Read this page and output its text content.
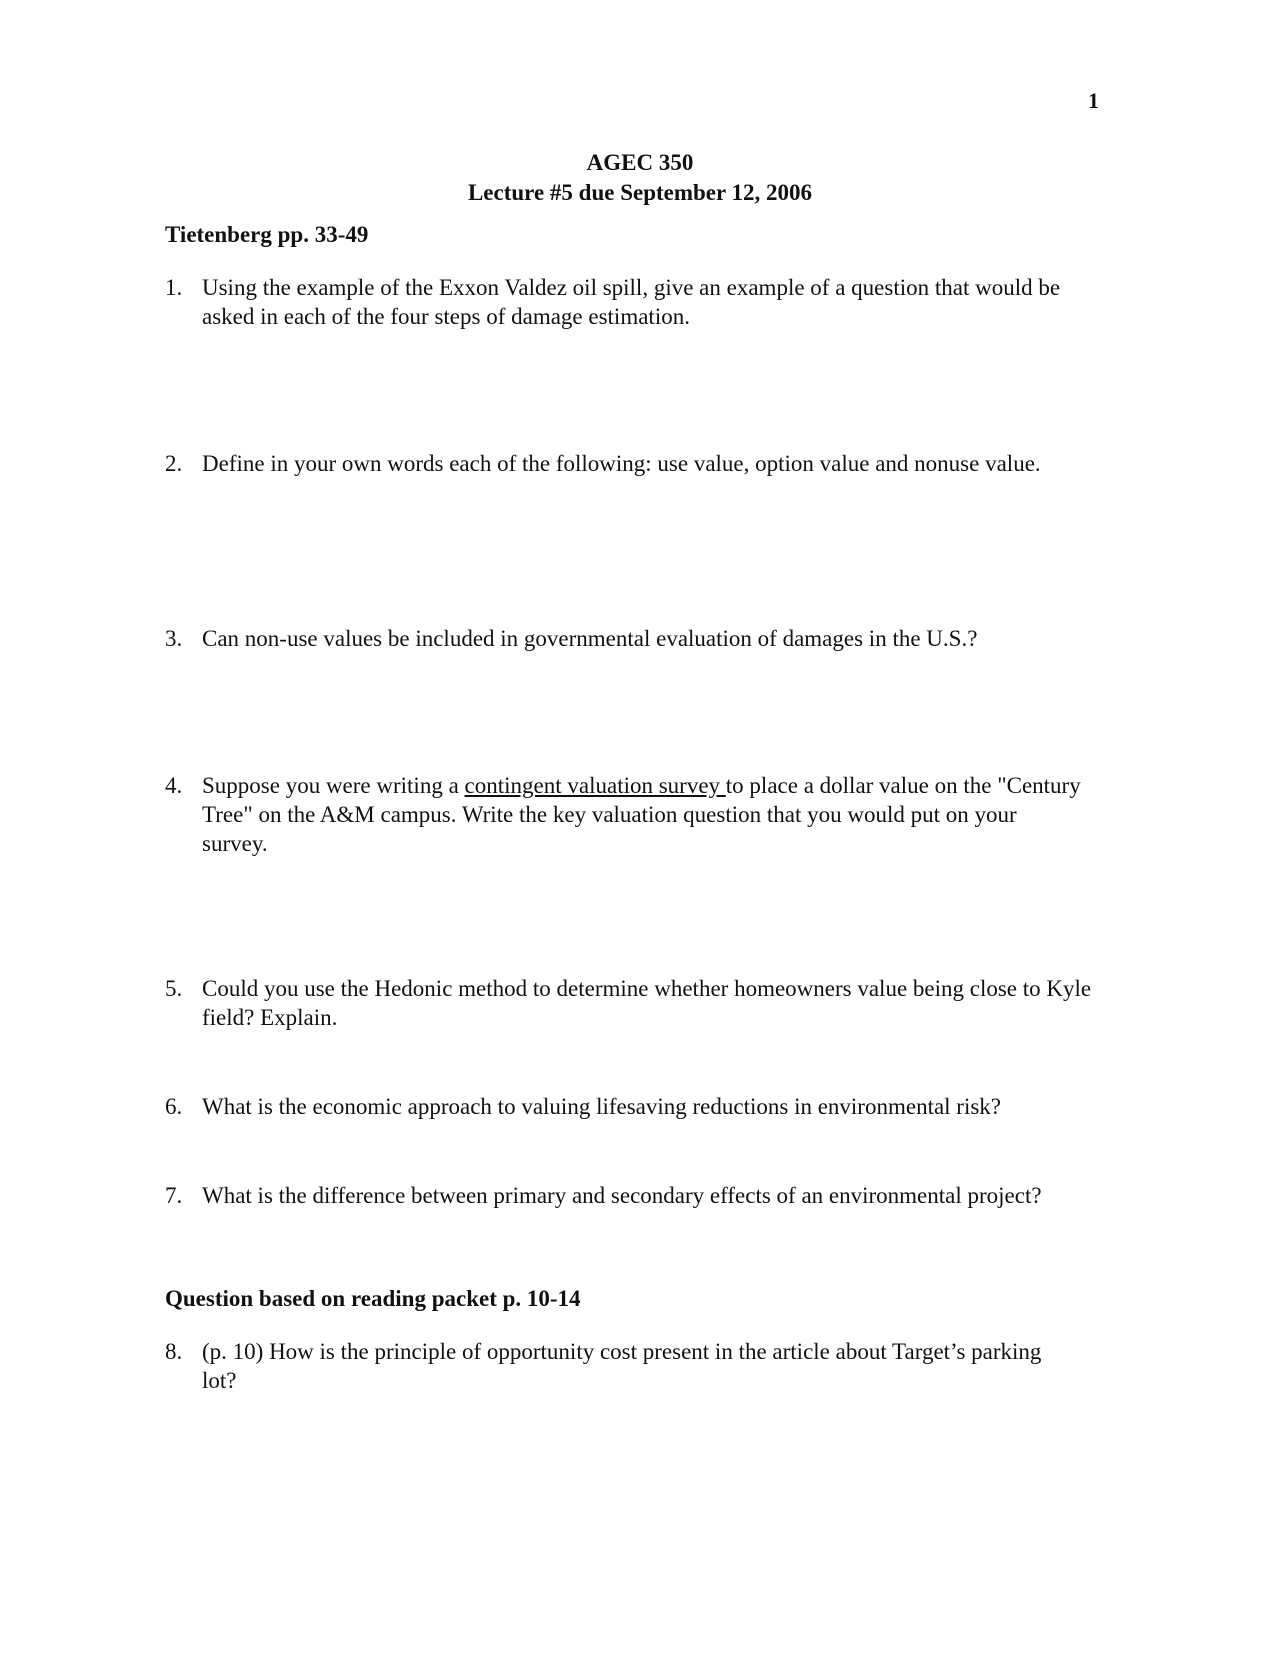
1
AGEC 350
Lecture #5 due September 12, 2006
Tietenberg pp. 33-49
1. Using the example of the Exxon Valdez oil spill, give an example of a question that would be asked in each of the four steps of damage estimation.
2. Define in your own words each of the following: use value, option value and nonuse value.
3. Can non-use values be included in governmental evaluation of damages in the U.S.?
4. Suppose you were writing a contingent valuation survey to place a dollar value on the "Century Tree" on the A&M campus. Write the key valuation question that you would put on your survey.
5. Could you use the Hedonic method to determine whether homeowners value being close to Kyle field? Explain.
6. What is the economic approach to valuing lifesaving reductions in environmental risk?
7. What is the difference between primary and secondary effects of an environmental project?
Question based on reading packet p. 10-14
8. (p. 10) How is the principle of opportunity cost present in the article about Target’s parking lot?
